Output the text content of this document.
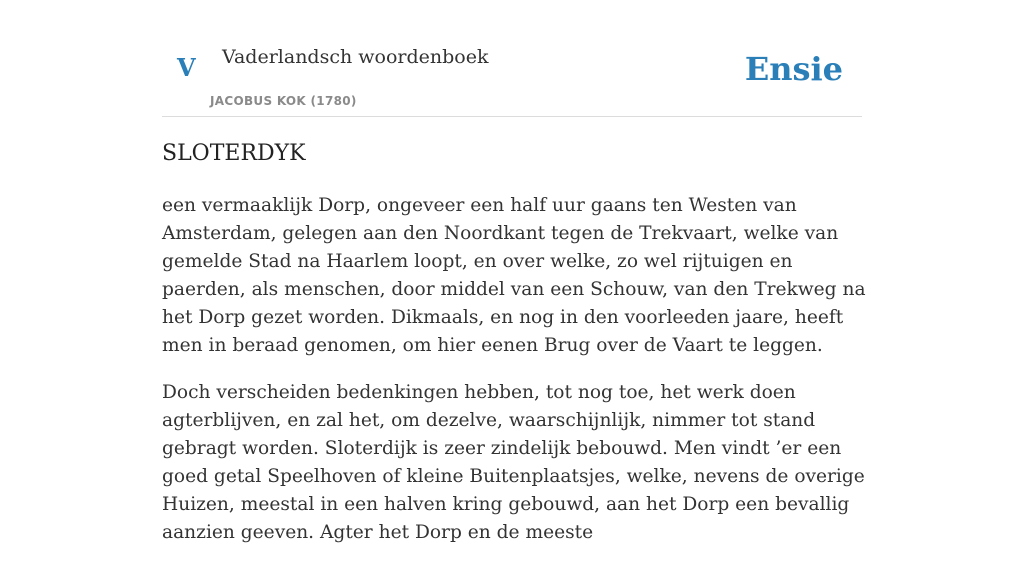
V Vaderlandsch woordenboek
JACOBUS KOK (1780)
Ensie
SLOTERDYK

een vermaaklijk Dorp, ongeveer een half uur gaans ten Westen van Amsterdam, gelegen aan den Noordkant tegen de Trekvaart, welke van gemelde Stad na Haarlem loopt, en over welke, zo wel rijtuigen en paerden, als menschen, door middel van een Schouw, van den Trekweg na het Dorp gezet worden. Dikmaals, en nog in den voorleeden jaare, heeft men in beraad genomen, om hier eenen Brug over de Vaart te leggen.

Doch verscheiden bedenkingen hebben, tot nog toe, het werk doen agterblijven, en zal het, om dezelve, waarschijnlijk, nimmer tot stand gebragt worden. Sloterdijk is zeer zindelijk bebouwd. Men vindt ’er een goed getal Speelhoven of kleine Buitenplaatsjes, welke, nevens de overige Huizen, meestal in een halven kring gebouwd, aan het Dorp een bevallig aanzien geeven. Agter het Dorp en de meeste
